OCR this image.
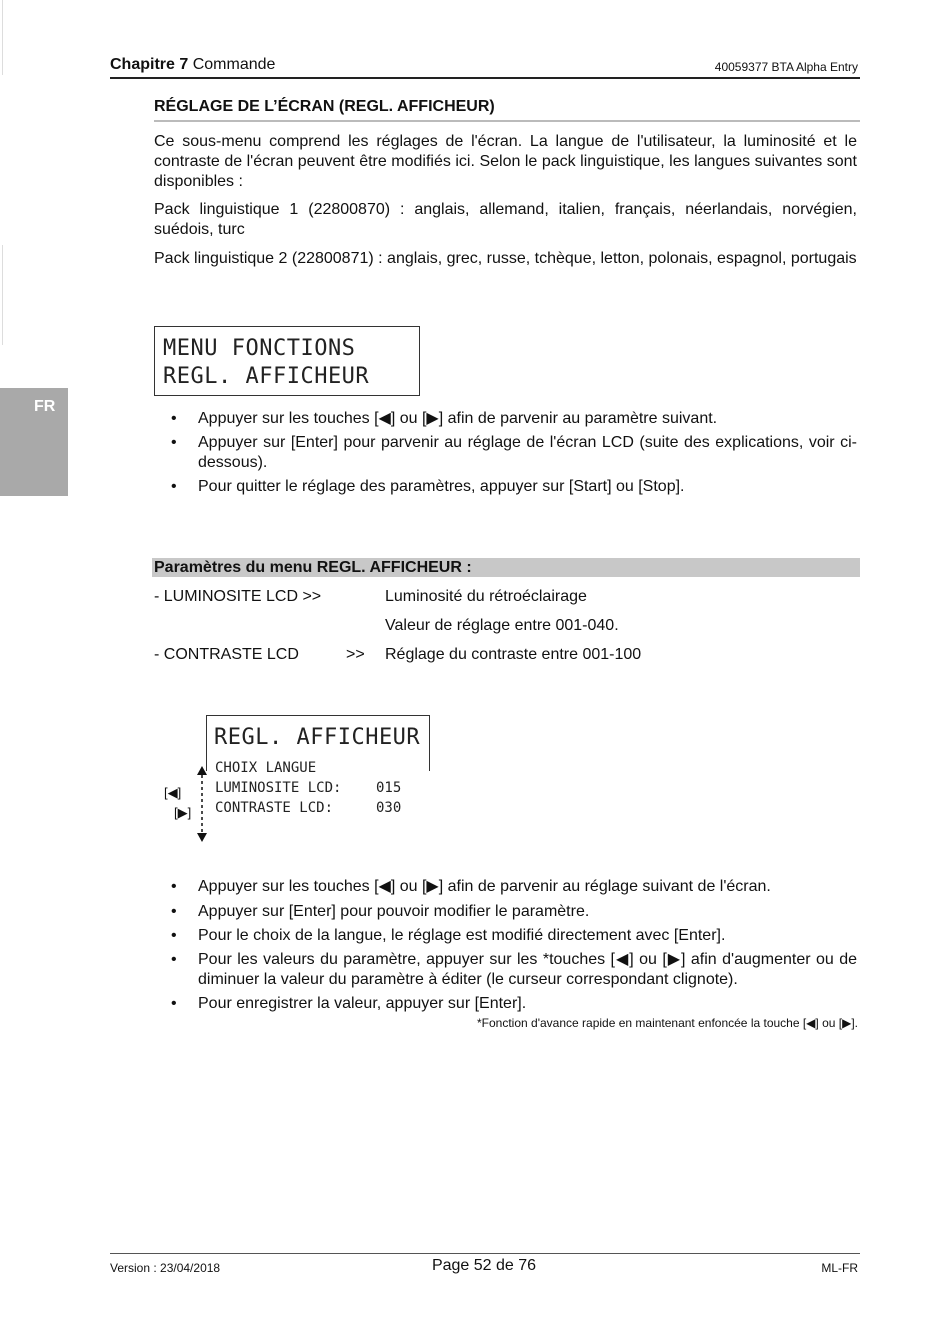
Chapitre 7 Commande	40059377 BTA Alpha Entry
FR
RÉGLAGE DE L’ÉCRAN (REGL. AFFICHEUR)
Ce sous-menu comprend les réglages de l'écran. La langue de l'utilisateur, la luminosité et le contraste de l'écran peuvent être modifiés ici. Selon le pack linguistique, les langues suivantes sont disponibles :
Pack linguistique 1 (22800870) : anglais, allemand, italien, français, néerlandais, norvégien, suédois, turc
Pack linguistique 2 (22800871) : anglais, grec, russe, tchèque, letton, polonais, espagnol, portugais
MENU FONCTIONS
REGL. AFFICHEUR
• Appuyer sur les touches [◀] ou [▶] afin de parvenir au paramètre suivant.
• Appuyer sur [Enter] pour parvenir au réglage de l'écran LCD (suite des explications, voir ci-dessous).
• Pour quitter le réglage des paramètres, appuyer sur [Start] ou [Stop].
Paramètres du menu REGL. AFFICHEUR :
- LUMINOSITE LCD >>	Luminosité du rétroéclairage
Valeur de réglage entre 001-040.
- CONTRASTE LCD	>> Réglage du contraste entre 001-100
REGL. AFFICHEUR
CHOIX LANGUE
LUMINOSITE LCD: 015
CONTRASTE LCD:	030
[◀]
[▶]
• Appuyer sur les touches [◀] ou [▶] afin de parvenir au réglage suivant de l'écran.
• Appuyer sur [Enter] pour pouvoir modifier le paramètre.
• Pour le choix de la langue, le réglage est modifié directement avec [Enter].
• Pour les valeurs du paramètre, appuyer sur les *touches [◀] ou [▶] afin d'augmenter ou de diminuer la valeur du paramètre à éditer (le curseur correspondant clignote).
• Pour enregistrer la valeur, appuyer sur [Enter].
*Fonction d'avance rapide en maintenant enfoncée la touche [◀] ou [▶].
Version : 23/04/2018	Page 52 de 76	ML-FR
